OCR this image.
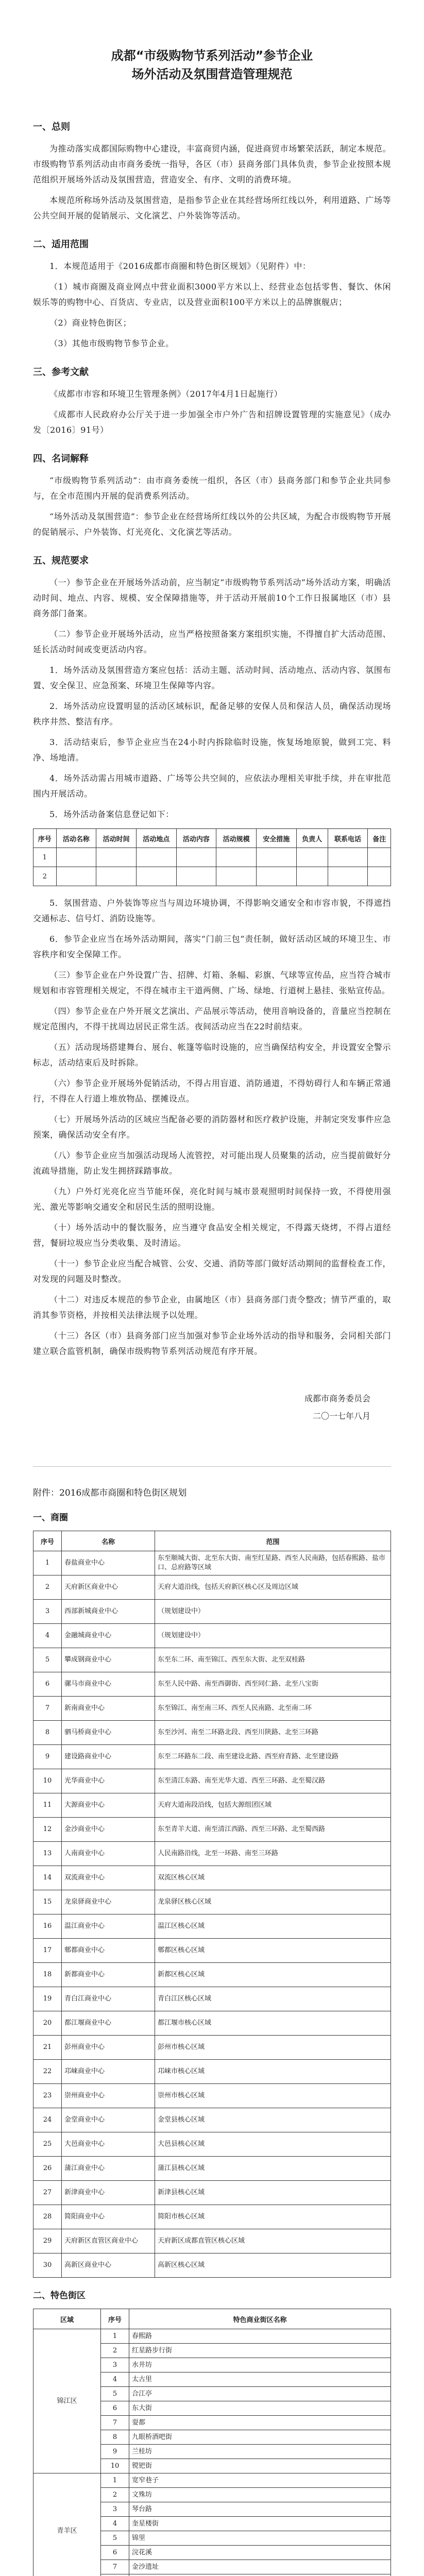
成都“市级购物节系列活动”参节企业
场外活动及氛围营造管理规范
一、总则

为推动落实成都国际购物中心建设，丰富商贸内涵，促进商贸市场繁荣活跃，制定本规范。市级购物节系列活动由市商务委统一指导，各区（市）县商务部门具体负责，参节企业按照本规范组织开展场外活动及氛围营造，营造安全、有序、文明的消费环境。

本规范所称场外活动及氛围营造，是指参节企业在其经营场所红线以外，利用道路、广场等公共空间开展的促销展示、文化演艺、户外装饰等活动。

二、适用范围

1．本规范适用于《2016成都市商圈和特色街区规划》（见附件）中：

（1）城市商圈及商业网点中营业面积3000平方米以上、经营业态包括零售、餐饮、休闲娱乐等的购物中心、百货店、专业店，以及营业面积100平方米以上的品牌旗舰店；

（2）商业特色街区；

（3）其他市级购物节参节企业。

三、参考文献

《成都市市容和环境卫生管理条例》（2017年4月1日起施行）

《成都市人民政府办公厅关于进一步加强全市户外广告和招牌设置管理的实施意见》（成办发〔2016〕91号）

四、名词解释

“市级购物节系列活动”：由市商务委统一组织，各区（市）县商务部门和参节企业共同参与，在全市范围内开展的促消费系列活动。

“场外活动及氛围营造”：参节企业在经营场所红线以外的公共区域，为配合市级购物节开展的促销展示、户外装饰、灯光亮化、文化演艺等活动。

五、规范要求

（一）参节企业在开展场外活动前，应当制定“市级购物节系列活动”场外活动方案，明确活动时间、地点、内容、规模、安全保障措施等，并于活动开展前10个工作日报属地区（市）县商务部门备案。

（二）参节企业开展场外活动，应当严格按照备案方案组织实施，不得擅自扩大活动范围、延长活动时间或变更活动内容。

1．场外活动及氛围营造方案应包括：活动主题、活动时间、活动地点、活动内容、氛围布置、安全保卫、应急预案、环境卫生保障等内容。

2．场外活动应设置明显的活动区域标识，配备足够的安保人员和保洁人员，确保活动现场秩序井然、整洁有序。

3．活动结束后，参节企业应当在24小时内拆除临时设施，恢复场地原貌，做到工完、料净、场地清。

4．场外活动需占用城市道路、广场等公共空间的，应依法办理相关审批手续，并在审批范围内开展活动。

5．场外活动备案信息登记如下：

序号	活动名称	活动时间	活动地点	活动内容	活动规模	安全措施	负责人	联系电话	备注
1									
2									

5．氛围营造、户外装饰等应当与周边环境协调，不得影响交通安全和市容市貌，不得遮挡交通标志、信号灯、消防设施等。

6．参节企业应当在场外活动期间，落实“门前三包”责任制，做好活动区域的环境卫生、市容秩序和安全保障工作。

（三）参节企业在户外设置广告、招牌、灯箱、条幅、彩旗、气球等宣传品，应当符合城市规划和市容管理相关规定，不得在城市主干道两侧、广场、绿地、行道树上悬挂、张贴宣传品。

（四）参节企业在户外开展文艺演出、产品展示等活动，使用音响设备的，音量应当控制在规定范围内，不得干扰周边居民正常生活。夜间活动应当在22时前结束。

（五）活动现场搭建舞台、展台、帐篷等临时设施的，应当确保结构安全，并设置安全警示标志，活动结束后及时拆除。

（六）参节企业开展场外促销活动，不得占用盲道、消防通道，不得妨碍行人和车辆正常通行，不得在人行道上堆放物品、摆摊设点。

（七）开展场外活动的区域应当配备必要的消防器材和医疗救护设施，并制定突发事件应急预案，确保活动安全有序。

（八）参节企业应当加强活动现场人流管控，对可能出现人员聚集的活动，应当提前做好分流疏导措施，防止发生拥挤踩踏事故。

（九）户外灯光亮化应当节能环保，亮化时间与城市景观照明时间保持一致，不得使用强光、激光等影响交通安全和居民生活的照明设施。

（十）场外活动中的餐饮服务，应当遵守食品安全相关规定，不得露天烧烤，不得占道经营，餐厨垃圾应当分类收集、及时清运。

（十一）参节企业应当配合城管、公安、交通、消防等部门做好活动期间的监督检查工作，对发现的问题及时整改。

（十二）对违反本规范的参节企业，由属地区（市）县商务部门责令整改；情节严重的，取消其参节资格，并按相关法律法规予以处理。

（十三）各区（市）县商务部门应当加强对参节企业场外活动的指导和服务，会同相关部门建立联合监管机制，确保市级购物节系列活动规范有序开展。

成都市商务委员会
二〇一七年八月
附件：2016成都市商圈和特色街区规划
一、商圈
序号	名称	范围
1	春盐商业中心	东至顺城大街、北至东大街、南至红星路、西至人民南路，包括春熙路、盐市口、总府路等区域
2	天府新区商业中心	天府大道沿线，包括天府新区核心区及周边区域
3	西部新城商业中心	（规划建设中）
4	金融城商业中心	（规划建设中）
5	攀成钢商业中心	东至东二环、南至锦江、西至东大街、北至双桂路
6	骡马市商业中心	东至人民中路、南至西御街、西至同仁路、北至八宝街
7	新南商业中心	东至锦江、南至南三环、西至人民南路、北至南二环
8	驷马桥商业中心	东至沙河、南至二环路北段、西至川陕路、北至三环路
9	建设路商业中心	东至二环路东二段、南至建设北路、西至府青路、北至建设路
10	光华商业中心	东至清江东路、南至光华大道、西至三环路、北至蜀汉路
11	大源商业中心	天府大道南段沿线，包括大源组团区域
12	金沙商业中心	东至青羊大道、南至清江西路、西至三环路、北至蜀西路
13	人南商业中心	人民南路沿线，北至一环路、南至三环路
14	双流商业中心	双流区核心区域
15	龙泉驿商业中心	龙泉驿区核心区域
16	温江商业中心	温江区核心区域
17	郫都商业中心	郫都区核心区域
18	新都商业中心	新都区核心区域
19	青白江商业中心	青白江区核心区域
20	都江堰商业中心	都江堰市核心区域
21	彭州商业中心	彭州市核心区域
22	邛崃商业中心	邛崃市核心区域
23	崇州商业中心	崇州市核心区域
24	金堂商业中心	金堂县核心区域
25	大邑商业中心	大邑县核心区域
26	蒲江商业中心	蒲江县核心区域
27	新津商业中心	新津县核心区域
28	简阳商业中心	简阳市核心区域
29	天府新区直管区商业中心	天府新区成都直管区核心区域
30	高新区商业中心	高新区核心区域
二、特色街区
区域	序号	特色商业街区名称
锦江区	1	春熙路
	2	红星路步行街
	3	水井坊
	4	太古里
	5	合江亭
	6	东大街
	7	耍都
	8	九眼桥酒吧街
	9	兰桂坊
	10	镋钯街
青羊区	1	宽窄巷子
	2	文殊坊
	3	琴台路
	4	奎星楼街
	5	锦里
	6	浣花溪
	7	金沙遗址
